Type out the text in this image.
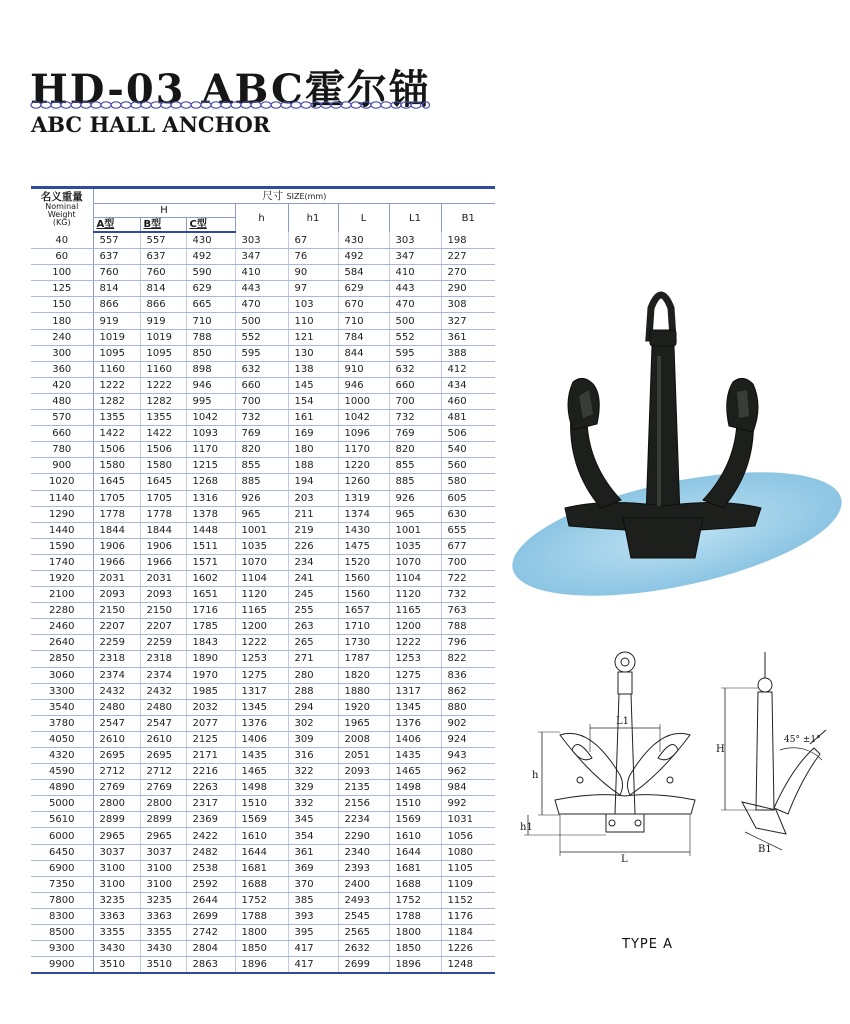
HD-03 ABC霍尔锚
ABC HALL ANCHOR
名义重量
Nominal
Weight
(KG)	尺寸 SIZE(mm)							
	H			h	h1	L	L1	B1
	A型	B型	C型					
40	557	557	430	303	67	430	303	198
60	637	637	492	347	76	492	347	227
100	760	760	590	410	90	584	410	270
125	814	814	629	443	97	629	443	290
150	866	866	665	470	103	670	470	308
180	919	919	710	500	110	710	500	327
240	1019	1019	788	552	121	784	552	361
300	1095	1095	850	595	130	844	595	388
360	1160	1160	898	632	138	910	632	412
420	1222	1222	946	660	145	946	660	434
480	1282	1282	995	700	154	1000	700	460
570	1355	1355	1042	732	161	1042	732	481
660	1422	1422	1093	769	169	1096	769	506
780	1506	1506	1170	820	180	1170	820	540
900	1580	1580	1215	855	188	1220	855	560
1020	1645	1645	1268	885	194	1260	885	580
1140	1705	1705	1316	926	203	1319	926	605
1290	1778	1778	1378	965	211	1374	965	630
1440	1844	1844	1448	1001	219	1430	1001	655
1590	1906	1906	1511	1035	226	1475	1035	677
1740	1966	1966	1571	1070	234	1520	1070	700
1920	2031	2031	1602	1104	241	1560	1104	722
2100	2093	2093	1651	1120	245	1560	1120	732
2280	2150	2150	1716	1165	255	1657	1165	763
2460	2207	2207	1785	1200	263	1710	1200	788
2640	2259	2259	1843	1222	265	1730	1222	796
2850	2318	2318	1890	1253	271	1787	1253	822
3060	2374	2374	1970	1275	280	1820	1275	836
3300	2432	2432	1985	1317	288	1880	1317	862
3540	2480	2480	2032	1345	294	1920	1345	880
3780	2547	2547	2077	1376	302	1965	1376	902
4050	2610	2610	2125	1406	309	2008	1406	924
4320	2695	2695	2171	1435	316	2051	1435	943
4590	2712	2712	2216	1465	322	2093	1465	962
4890	2769	2769	2263	1498	329	2135	1498	984
5000	2800	2800	2317	1510	332	2156	1510	992
5610	2899	2899	2369	1569	345	2234	1569	1031
6000	2965	2965	2422	1610	354	2290	1610	1056
6450	3037	3037	2482	1644	361	2340	1644	1080
6900	3100	3100	2538	1681	369	2393	1681	1105
7350	3100	3100	2592	1688	370	2400	1688	1109
7800	3235	3235	2644	1752	385	2493	1752	1152
8300	3363	3363	2699	1788	393	2545	1788	1176
8500	3355	3355	2742	1800	395	2565	1800	1184
9300	3430	3430	2804	1850	417	2632	1850	1226
9900	3510	3510	2863	1896	417	2699	1896	1248
L1
h
h1
L
H
45° ±1°
B1
TYPE A
